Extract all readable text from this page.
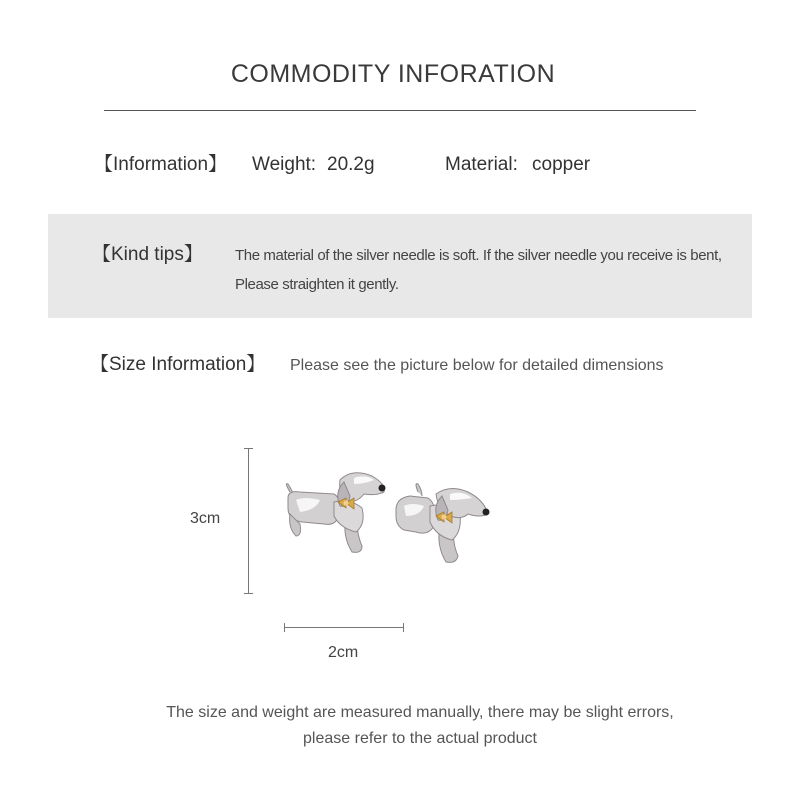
COMMODITY INFORATION
【Information】 Weight: 20.2g	Material: copper
【Kind tips】 The material of the silver needle is soft. If the silver needle you receive is bent,
Please straighten it gently.
【Size Information】 Please see the picture below for detailed dimensions
3cm
2cm
The size and weight are measured manually, there may be slight errors,
please refer to the actual product
